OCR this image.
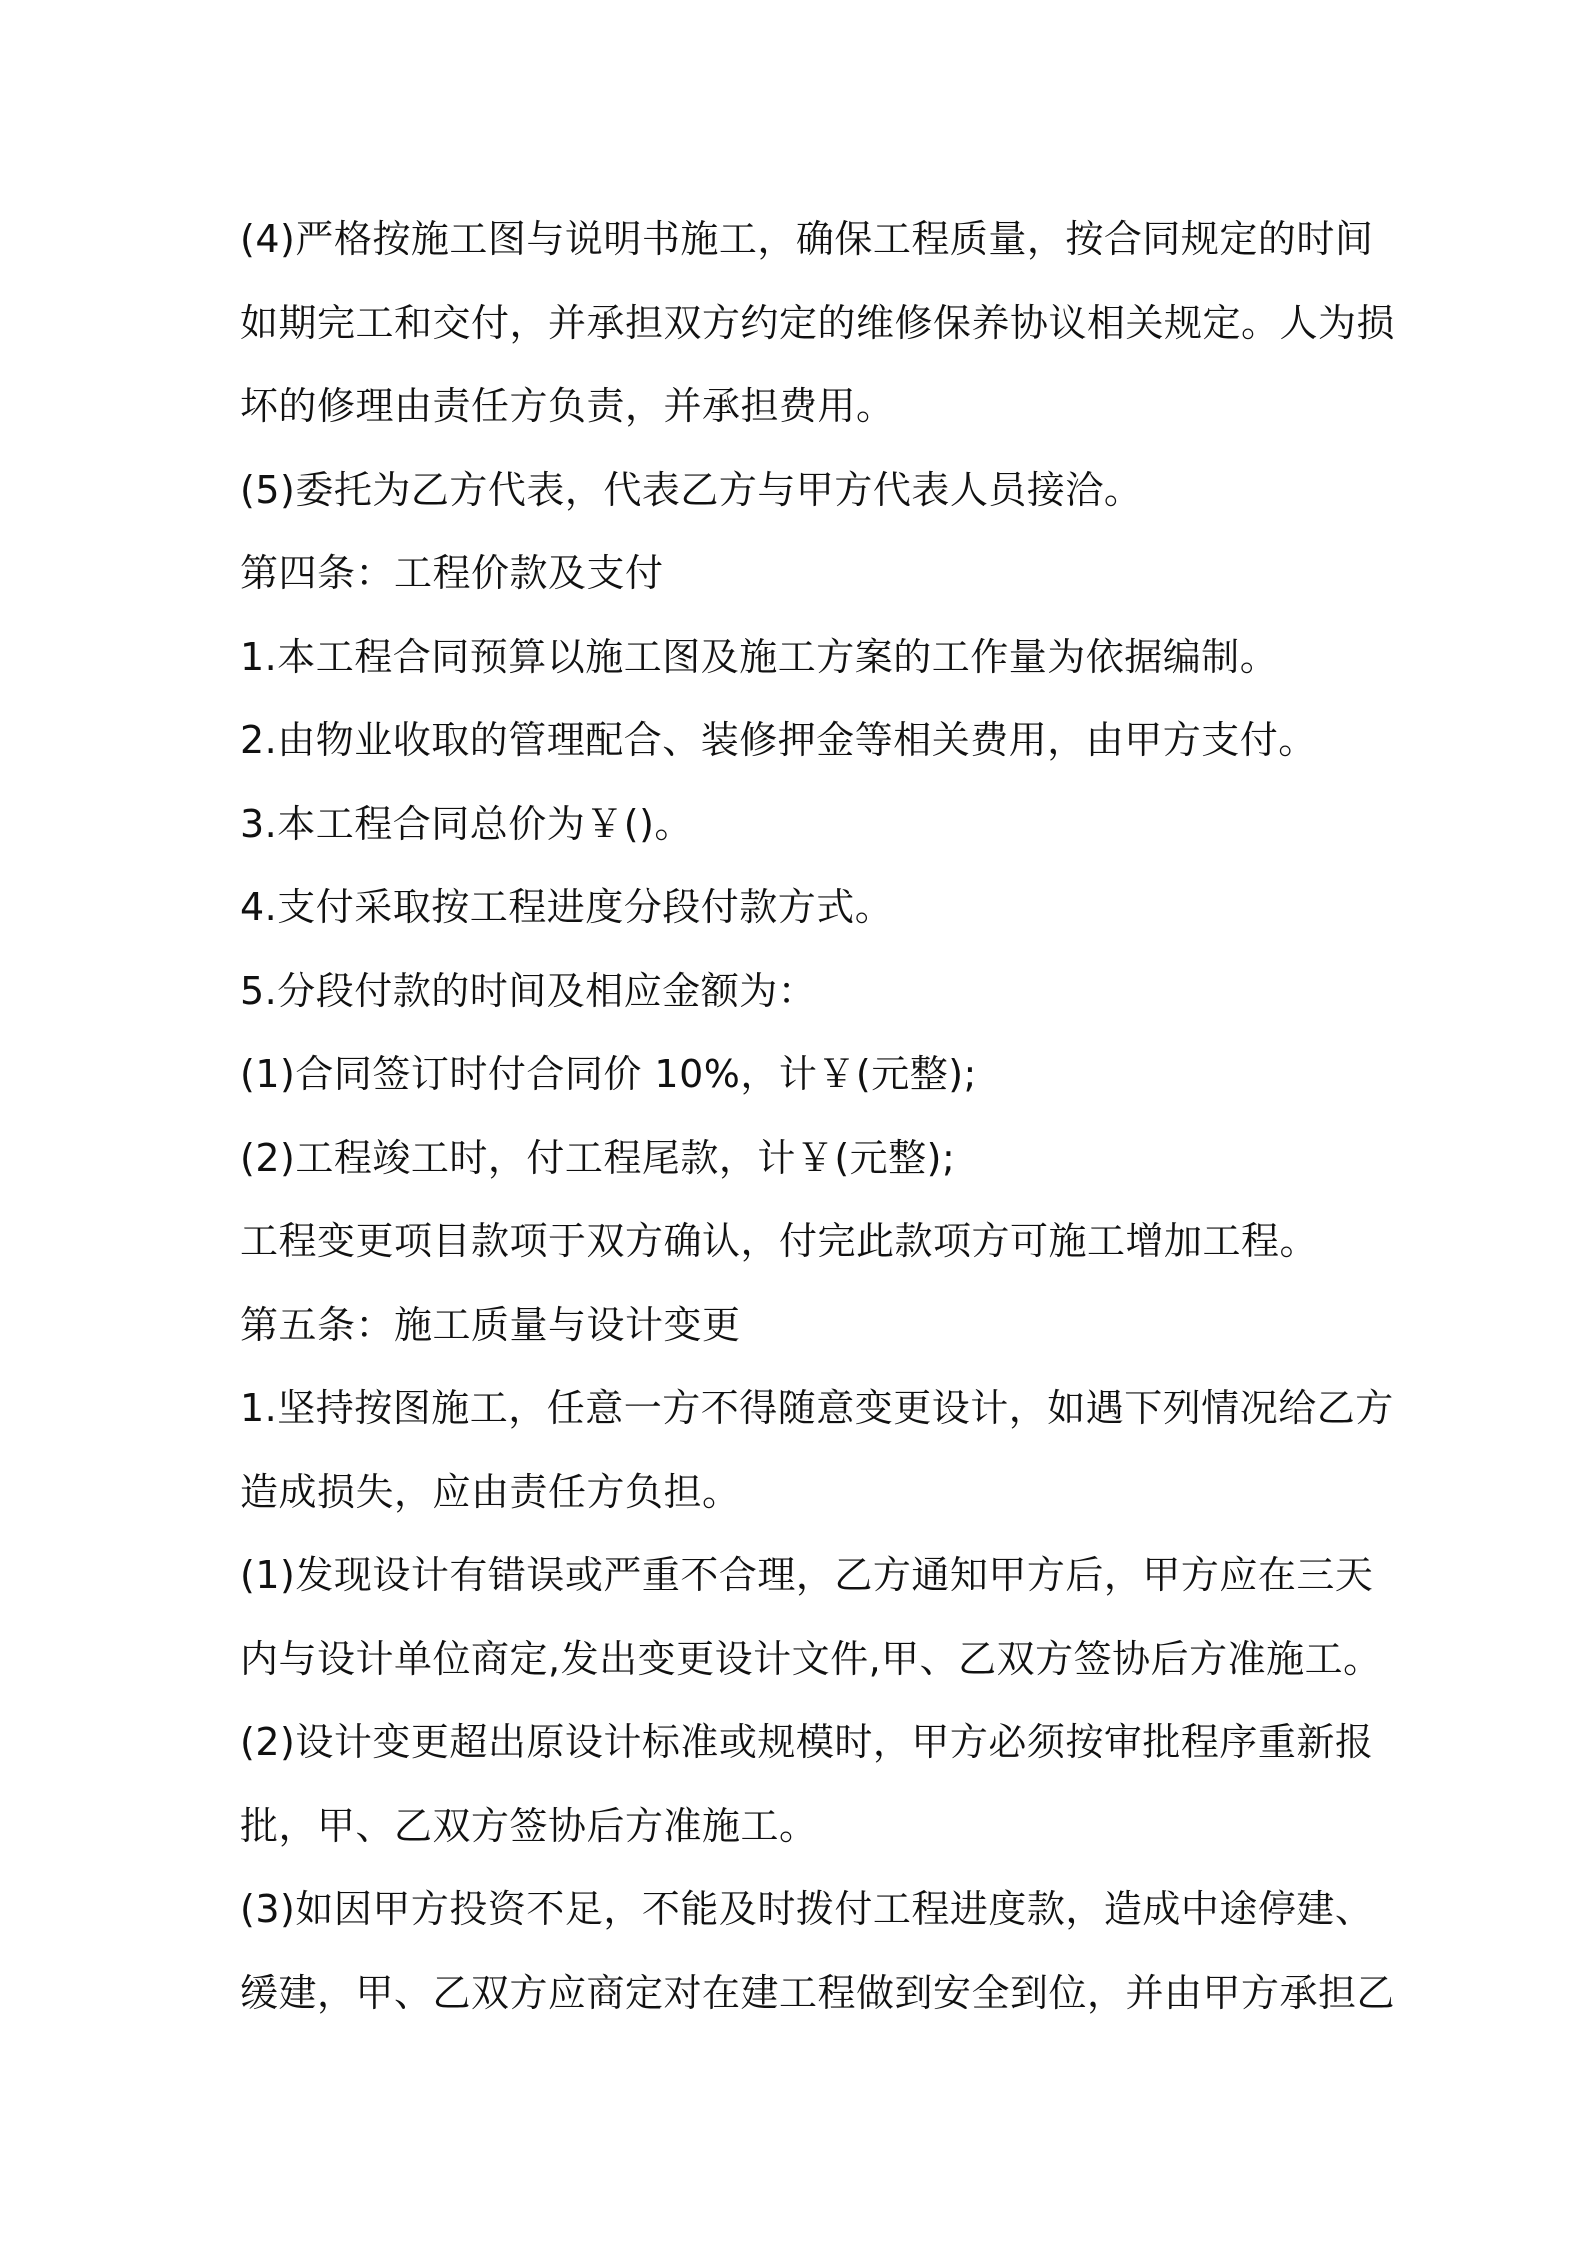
(4)严格按施工图与说明书施工，确保工程质量，按合同规定的时间
如期完工和交付，并承担双方约定的维修保养协议相关规定。人为损
坏的修理由责任方负责，并承担费用。
(5)委托为乙方代表，代表乙方与甲方代表人员接洽。
第四条：工程价款及支付
1.本工程合同预算以施工图及施工方案的工作量为依据编制。
2.由物业收取的管理配合、装修押金等相关费用，由甲方支付。
3.本工程合同总价为￥()。
4.支付采取按工程进度分段付款方式。
5.分段付款的时间及相应金额为：
(1)合同签订时付合同价 10%，计￥(元整);
(2)工程竣工时，付工程尾款，计￥(元整);
工程变更项目款项于双方确认，付完此款项方可施工增加工程。
第五条：施工质量与设计变更
1.坚持按图施工，任意一方不得随意变更设计，如遇下列情况给乙方
造成损失，应由责任方负担。
(1)发现设计有错误或严重不合理，乙方通知甲方后，甲方应在三天
内与设计单位商定,发出变更设计文件,甲、乙双方签协后方准施工。
(2)设计变更超出原设计标准或规模时，甲方必须按审批程序重新报
批，甲、乙双方签协后方准施工。
(3)如因甲方投资不足，不能及时拨付工程进度款，造成中途停建、
缓建，甲、乙双方应商定对在建工程做到安全到位，并由甲方承担乙
